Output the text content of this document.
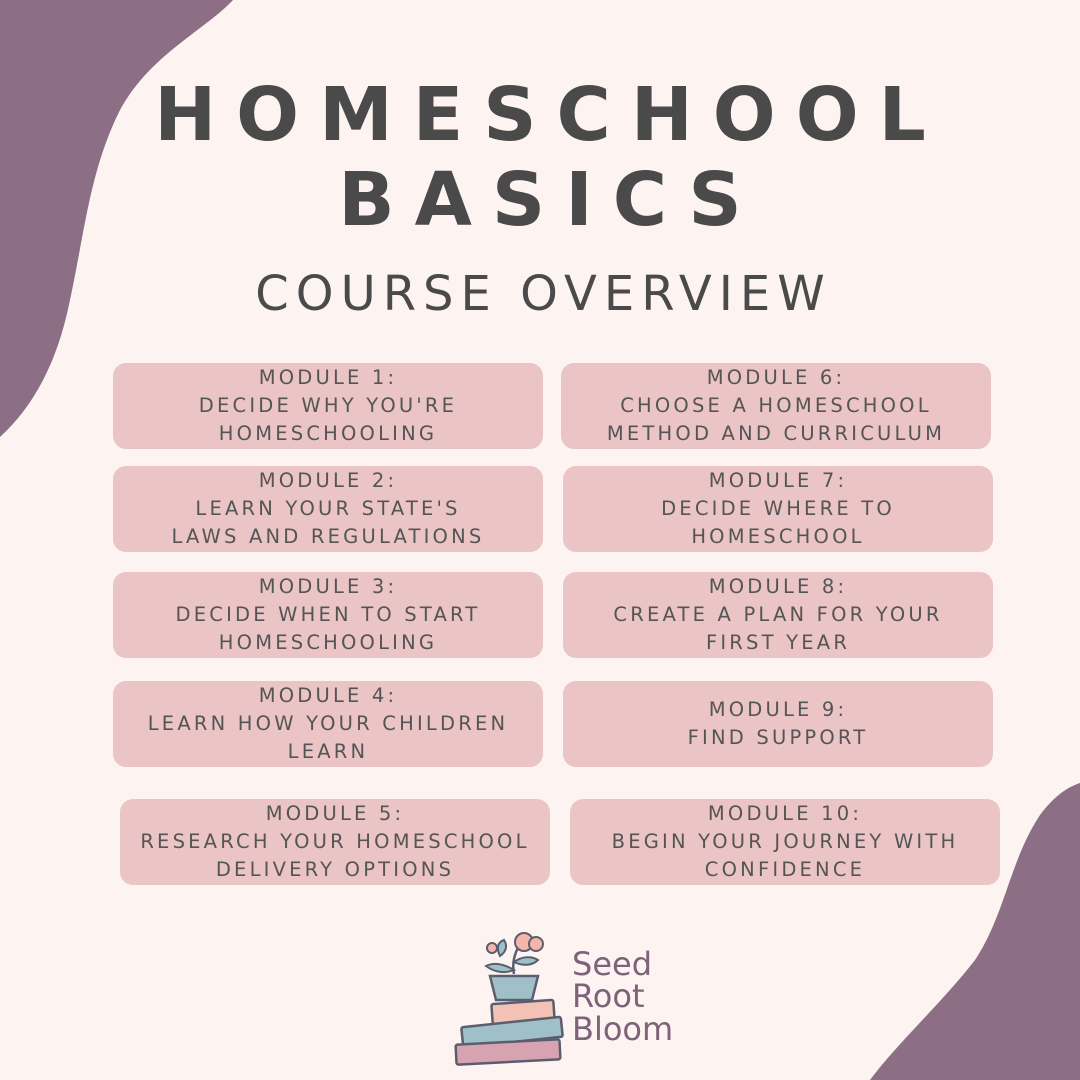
HOMESCHOOL
BASICS
COURSE OVERVIEW
MODULE 1:
DECIDE WHY YOU'RE
HOMESCHOOLING
MODULE 2:
LEARN YOUR STATE'S
LAWS AND REGULATIONS
MODULE 3:
DECIDE WHEN TO START
HOMESCHOOLING
MODULE 4:
LEARN HOW YOUR CHILDREN
LEARN
MODULE 5:
RESEARCH YOUR HOMESCHOOL
DELIVERY OPTIONS
MODULE 6:
CHOOSE A HOMESCHOOL
METHOD AND CURRICULUM
MODULE 7:
DECIDE WHERE TO
HOMESCHOOL
MODULE 8:
CREATE A PLAN FOR YOUR
FIRST YEAR
MODULE 9:
FIND SUPPORT
MODULE 10:
BEGIN YOUR JOURNEY WITH
CONFIDENCE
Seed
Root
Bloom
